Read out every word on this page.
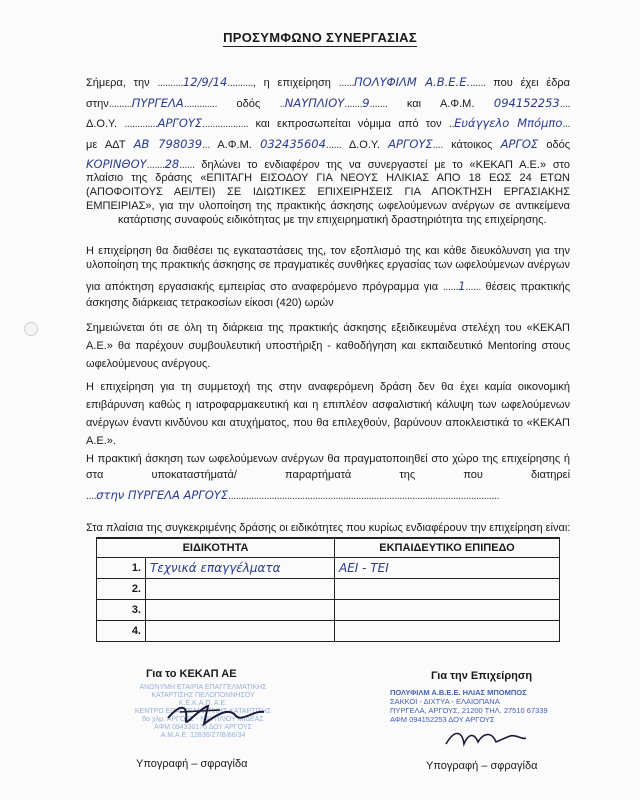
ΠΡΟΣΥΜΦΩΝΟ ΣΥΝΕΡΓΑΣΙΑΣ
Σήμερα, την ..........12/9/14.........., η επιχείρηση ......ΠΟΛΥΦΙΛΜ Α.Β.Ε.Ε....... που έχει έδρα
στην.........ΠΥΡΓΕΛΑ............. οδός ..ΝΑΥΠΛΙΟΥ.......9....... και Α.Φ.Μ. 094152253....
Δ.Ο.Υ. .............ΑΡΓΟΥΣ.................. και εκπροσωπείται νόμιμα από τον ..Ευάγγελο Μπόμπο...
με ΑΔΤ ΑΒ 798039... Α.Φ.Μ. 032435604...... Δ.Ο.Υ. ΑΡΓΟΥΣ.... κάτοικος ΑΡΓΟΣ οδός
ΚΟΡΙΝΘΟΥ.......28...... δηλώνει το ενδιαφέρον της να συνεργαστεί με το «ΚΕΚΑΠ Α.Ε.» στο
πλαίσιο της δράσης «ΕΠΙΤΑΓΗ ΕΙΣΟΔΟΥ ΓΙΑ ΝΕΟΥΣ ΗΛΙΚΙΑΣ ΑΠΟ 18 ΕΩΣ 24 ΕΤΩΝ
(ΑΠΟΦΟΙΤΟΥΣ ΑΕΙ/ΤΕΙ) ΣΕ ΙΔΙΩΤΙΚΕΣ ΕΠΙΧΕΙΡΗΣΕΙΣ ΓΙΑ ΑΠΟΚΤΗΣΗ ΕΡΓΑΣΙΑΚΗΣ
ΕΜΠΕΙΡΙΑΣ», για την υλοποίηση της πρακτικής άσκησης ωφελούμενων ανέργων σε αντικείμενα
κατάρτισης συναφούς ειδικότητας με την επιχειρηματική δραστηριότητα της επιχείρησης.
Η επιχείρηση θα διαθέσει τις εγκαταστάσεις της, τον εξοπλισμό της και κάθε διευκόλυνση για την
υλοποίηση της πρακτικής άσκησης σε πραγματικές συνθήκες εργασίας των ωφελούμενων ανέργων
για απόκτηση εργασιακής εμπειρίας στο αναφερόμενο πρόγραμμα για ......1...... θέσεις πρακτικής
άσκησης διάρκειας τετρακοσίων είκοσι (420) ωρών
Σημειώνεται ότι σε όλη τη διάρκεια της πρακτικής άσκησης εξειδικευμένα στελέχη του «ΚΕΚΑΠ
Α.Ε.» θα παρέχουν συμβουλευτική υποστήριξη - καθοδήγηση και εκπαιδευτικό Mentoring στους
ωφελούμενους ανέργους.
Η επιχείρηση για τη συμμετοχή της στην αναφερόμενη δράση δεν θα έχει καμία οικονομική
επιβάρυνση καθώς η ιατροφαρμακευτική και η επιπλέον ασφαλιστική κάλυψη των ωφελούμενων
ανέργων έναντι κινδύνου και ατυχήματος, που θα επιλεχθούν, βαρύνουν αποκλειστικά το «ΚΕΚΑΠ
Α.Ε.».
Η πρακτική άσκηση των ωφελούμενων ανέργων θα πραγματοποιηθεί στο χώρο της επιχείρησης ή
στα	υποκαταστήματά/	παραρτήματά	της	που	διατηρεί
....στην ΠΥΡΓΕΛΑ ΑΡΓΟΥΣ..........................................................................................................
Στα πλαίσια της συγκεκριμένης δράσης οι ειδικότητες που κυρίως ενδιαφέρουν την επιχείρηση είναι:
ΕΙΔΙΚΟΤΗΤΑ		ΕΚΠΑΙΔΕΥΤΙΚΟ ΕΠΙΠΕΔΟ
1.	Τεχνικά επαγγέλματα	ΑΕΙ - ΤΕΙ
2.		
3.		
4.		
Για το ΚΕΚΑΠ ΑΕ	Για την Επιχείρηση
ΑΝΩΝΥΜΗ ΕΤΑΙΡΙΑ ΕΠΑΓΓΕΛΜΑΤΙΚΗΣ
ΚΑΤΑΡΤΙΣΗΣ ΠΕΛΟΠΟΝΝΗΣΟΥ
Κ.Ε.Κ.Α.Π. Α.Ε.
ΚΕΝΤΡΟ ΕΠΑΓΓΕΛΜΑΤΙΚΗΣ ΚΑΤΑΡΤΙΣΗΣ
6ο χλμ. ΑΡΓΟΥΣ - ΝΑΥΠΛΙΟΥ ΜΙΔΕΑΣ
ΑΦΜ 094330176 ΔΟΥ ΑΡΓΟΥΣ
Α.Μ.Α.Ε. 12836/27/Β/86/34
ΠΟΛΥΦΙΛΜ Α.Β.Ε.Ε. ΗΛΙΑΣ ΜΠΟΜΠΟΣ
ΣΑΚΚΟΙ - ΔΙΧΤΥΑ - ΕΛΑΙΟΠΑΝΑ
ΠΥΡΓΕΛΑ, ΑΡΓΟΥΣ, 21200 ΤΗΛ. 27510 67339
ΑΦΜ 094152253 ΔΟΥ ΑΡΓΟΥΣ
Υπογραφή – σφραγίδα	Υπογραφή – σφραγίδα
